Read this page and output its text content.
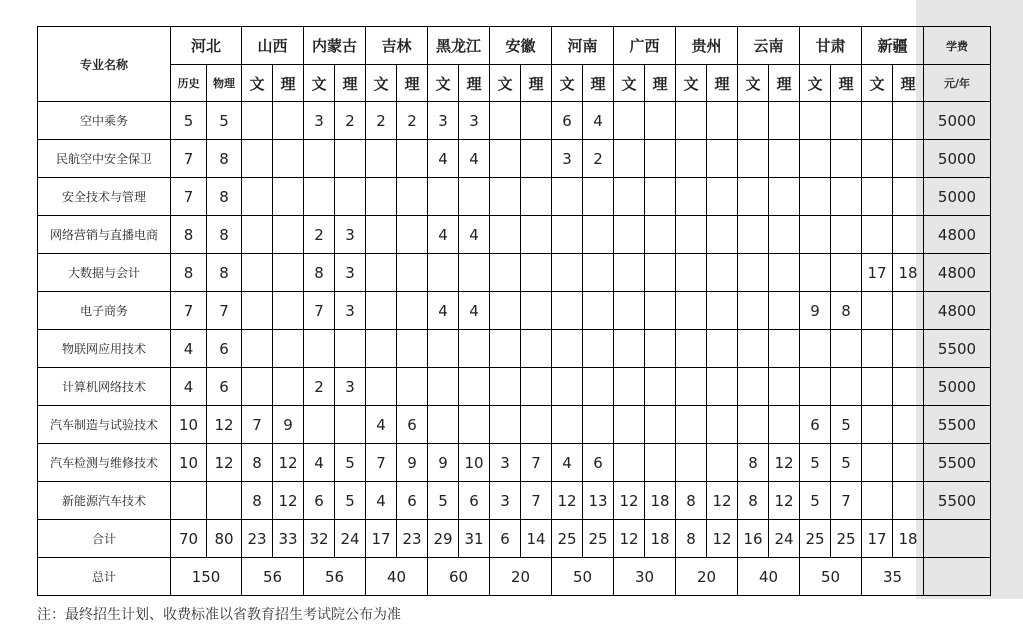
专业名称	河北		山西		内蒙古		吉林		黑龙江		安徽		河南		广西		贵州		云南		甘肃		新疆		学费
	历史	物理	文	理	文	理	文	理	文	理	文	理	文	理	文	理	文	理	文	理	文	理	文	理	元/年
空中乘务	5	5			3	2	2	2	3	3			6	4											5000
民航空中安全保卫	7	8							4	4			3	2											5000
安全技术与管理	7	8																							5000
网络营销与直播电商	8	8			2	3			4	4															4800
大数据与会计	8	8			8	3																	17	18	4800
电子商务	7	7			7	3			4	4											9	8			4800
物联网应用技术	4	6																							5500
计算机网络技术	4	6			2	3																			5000
汽车制造与试验技术	10	12	7	9			4	6													6	5			5500
汽车检测与维修技术	10	12	8	12	4	5	7	9	9	10	3	7	4	6					8	12	5	5			5500
新能源汽车技术			8	12	6	5	4	6	5	6	3	7	12	13	12	18	8	12	8	12	5	7			5500
合计	70	80	23	33	32	24	17	23	29	31	6	14	25	25	12	18	8	12	16	24	25	25	17	18	
总计	150		56		56		40		60		20		50		30		20		40		50		35		
注：最终招生计划、收费标准以省教育招生考试院公布为准
